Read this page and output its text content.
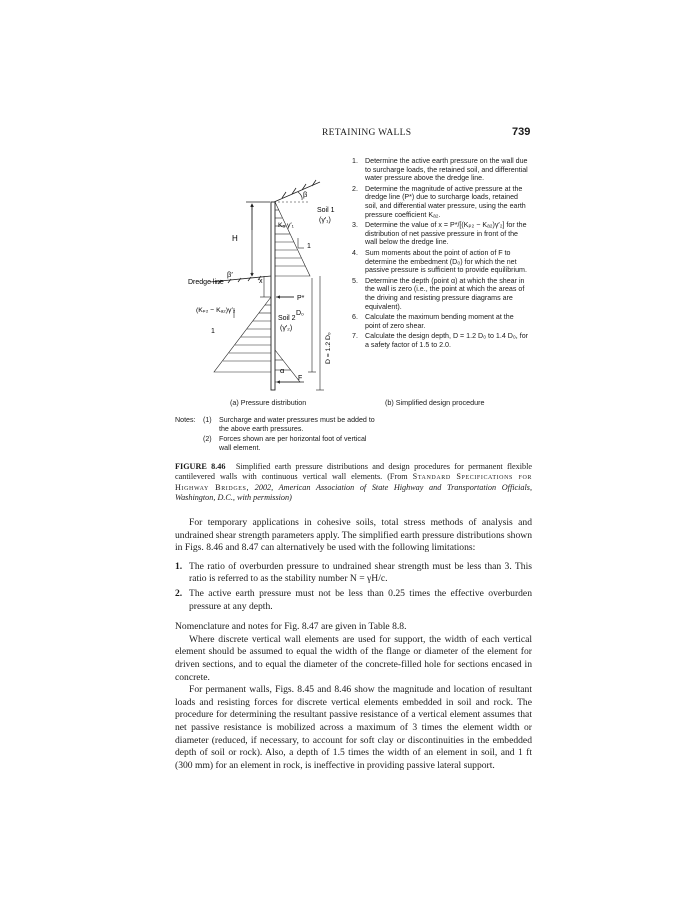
RETAINING WALLS	739
β
Soil 1
(γ′₁)
Kₐ γ′₁
1
H
Dredge line
β′
x
P*
(Kₚ₂ − Kₐ₂)γ′₂
1
Soil 2
(γ′₂)
D₀
D = 1.2 D₀
α
F
1. Determine the active earth pressure on the wall due to surcharge loads, the retained soil, and differential water pressure above the dredge line.
2. Determine the magnitude of active pressure at the dredge line (P*) due to surcharge loads, retained soil, and differential water pressure, using the earth pressure coefficient Kₐ₂.
3. Determine the value of x = P*/[(Kₚ₂ − Kₐ₂)γ′₂] for the distribution of net passive pressure in front of the wall below the dredge line.
4. Sum moments about the point of action of F to determine the embedment (D₀) for which the net passive pressure is sufficient to provide equilibrium.
5. Determine the depth (point α) at which the shear in the wall is zero (i.e., the point at which the areas of the driving and resisting pressure diagrams are equivalent).
6. Calculate the maximum bending moment at the point of zero shear.
7. Calculate the design depth, D = 1.2 D₀ to 1.4 D₀, for a safety factor of 1.5 to 2.0.
(a) Pressure distribution	(b) Simplified design procedure
Notes: (1) Surcharge and water pressures must be added to the above earth pressures.
(2) Forces shown are per horizontal foot of vertical wall element.
FIGURE 8.46 Simplified earth pressure distributions and design procedures for permanent flexible cantilevered walls with continuous vertical wall elements. (From Standard Specifications for Highway Bridges, 2002, American Association of State Highway and Transportation Officials, Washington, D.C., with permission)

For temporary applications in cohesive soils, total stress methods of analysis and undrained shear strength parameters apply. The simplified earth pressure distributions shown in Figs. 8.46 and 8.47 can alternatively be used with the following limitations:

1. The ratio of overburden pressure to undrained shear strength must be less than 3. This ratio is referred to as the stability number N = γH/c.
2. The active earth pressure must not be less than 0.25 times the effective overburden pressure at any depth.

Nomenclature and notes for Fig. 8.47 are given in Table 8.8.

Where discrete vertical wall elements are used for support, the width of each vertical element should be assumed to equal the width of the flange or diameter of the element for driven sections, and to equal the diameter of the concrete-filled hole for sections encased in concrete.

For permanent walls, Figs. 8.45 and 8.46 show the magnitude and location of resultant loads and resisting forces for discrete vertical elements embedded in soil and rock. The procedure for determining the resultant passive resistance of a vertical element assumes that net passive resistance is mobilized across a maximum of 3 times the element width or diameter (reduced, if necessary, to account for soft clay or discontinuities in the embedded depth of soil or rock). Also, a depth of 1.5 times the width of an element in soil, and 1 ft (300 mm) for an element in rock, is ineffective in providing passive lateral support.
